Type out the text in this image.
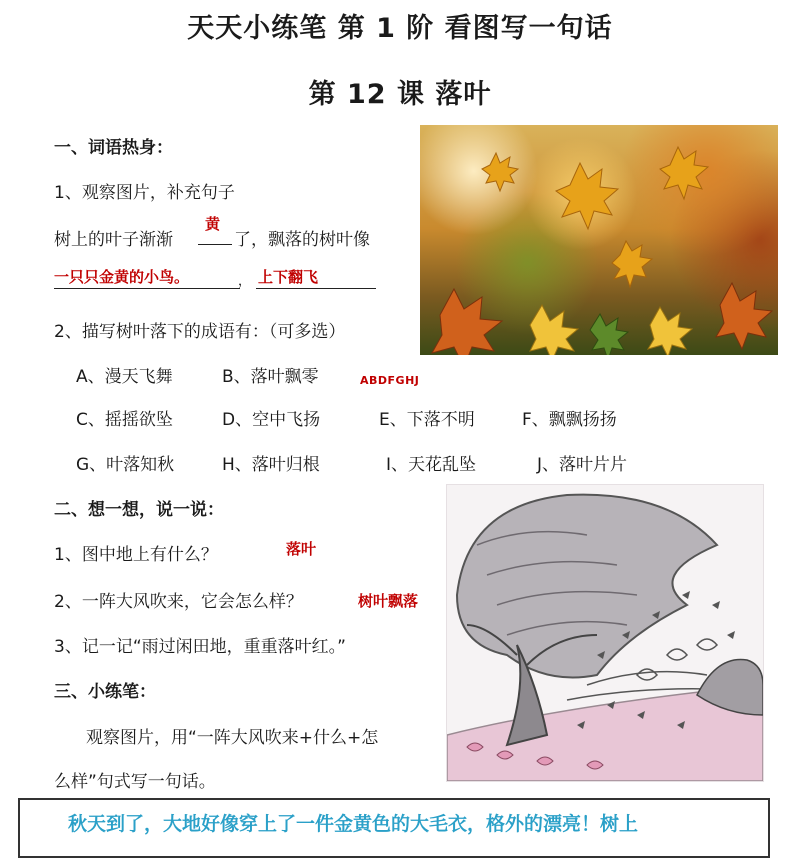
天天小练笔 第 1 阶 看图写一句话
第 12 课 落叶
一、词语热身：
1、观察图片，补充句子
树上的叶子渐渐
黄
了，飘落的树叶像
一只只金黄的小鸟。	， 上下翻飞
2、描写树叶落下的成语有：（可多选）
A、漫天飞舞	B、落叶飘零	ABDFGHJ
C、摇摇欲坠	D、空中飞扬	E、下落不明	F、飘飘扬扬
G、叶落知秋	H、落叶归根	I、天花乱坠	J、落叶片片
二、想一想，说一说：
1、图中地上有什么？	落叶
2、一阵大风吹来，它会怎么样？	树叶飘落
3、记一记“雨过闲田地，重重落叶红。”
三、小练笔：
观察图片，用“一阵大风吹来+什么+怎
么样”句式写一句话。
秋天到了，大地好像穿上了一件金黄色的大毛衣，格外的漂亮！树上
